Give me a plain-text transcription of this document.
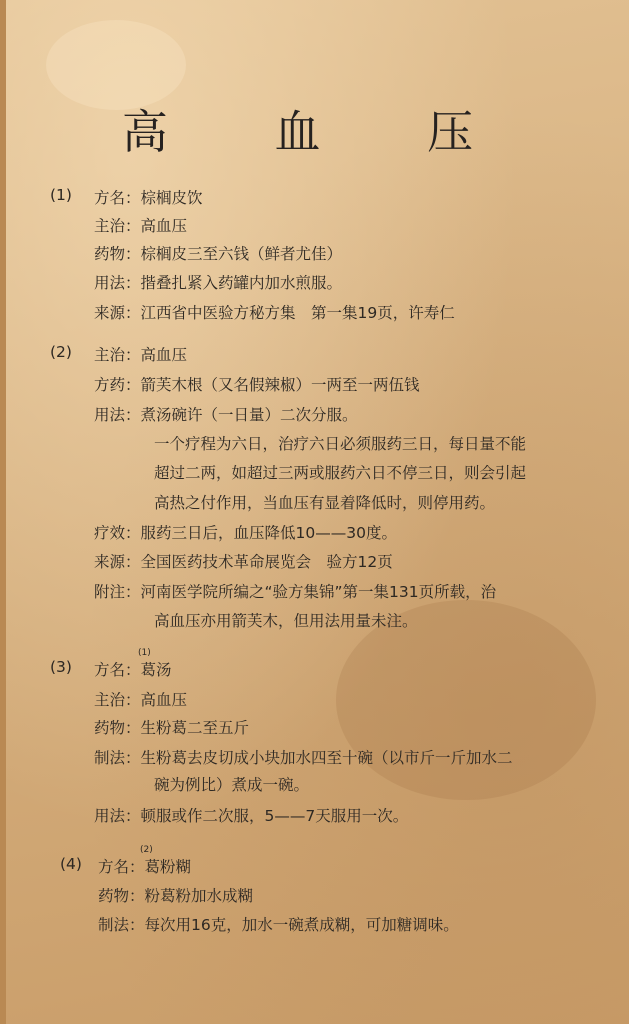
高 血 压
(1) 方名：棕榈皮饮
主治：高血压
药物：棕榈皮三至六钱（鲜者尤佳）
用法：揩叠扎紧入药罐内加水煎服。
来源：江西省中医验方秘方集　第一集19页，许寿仁
(2) 主治：高血压
方药：箭芙木根（又名假辣椒）一两至一两伍钱
用法：煮汤碗许（一日量）二次分服。
一个疗程为六日，治疗六日必须服药三日，每日量不能
超过二两，如超过三两或服药六日不停三日，则会引起
高热之付作用，当血压有显着降低时，则停用药。
疗效：服药三日后，血压降低10——30度。
来源：全国医药技术革命展览会　验方12页
附注：河南医学院所编之“验方集锦”第一集131页所载，治
高血压亦用箭芙木，但用法用量未注。
(3)
(1)
方名：葛汤
主治：高血压
药物：生粉葛二至五斤
制法：生粉葛去皮切成小块加水四至十碗（以市斤一斤加水二
碗为例比）煮成一碗。
用法：顿服或作二次服，5——7天服用一次。
(4)
(2)
方名：葛粉糊
药物：粉葛粉加水成糊
制法：每次用16克，加水一碗煮成糊，可加糖调味。
